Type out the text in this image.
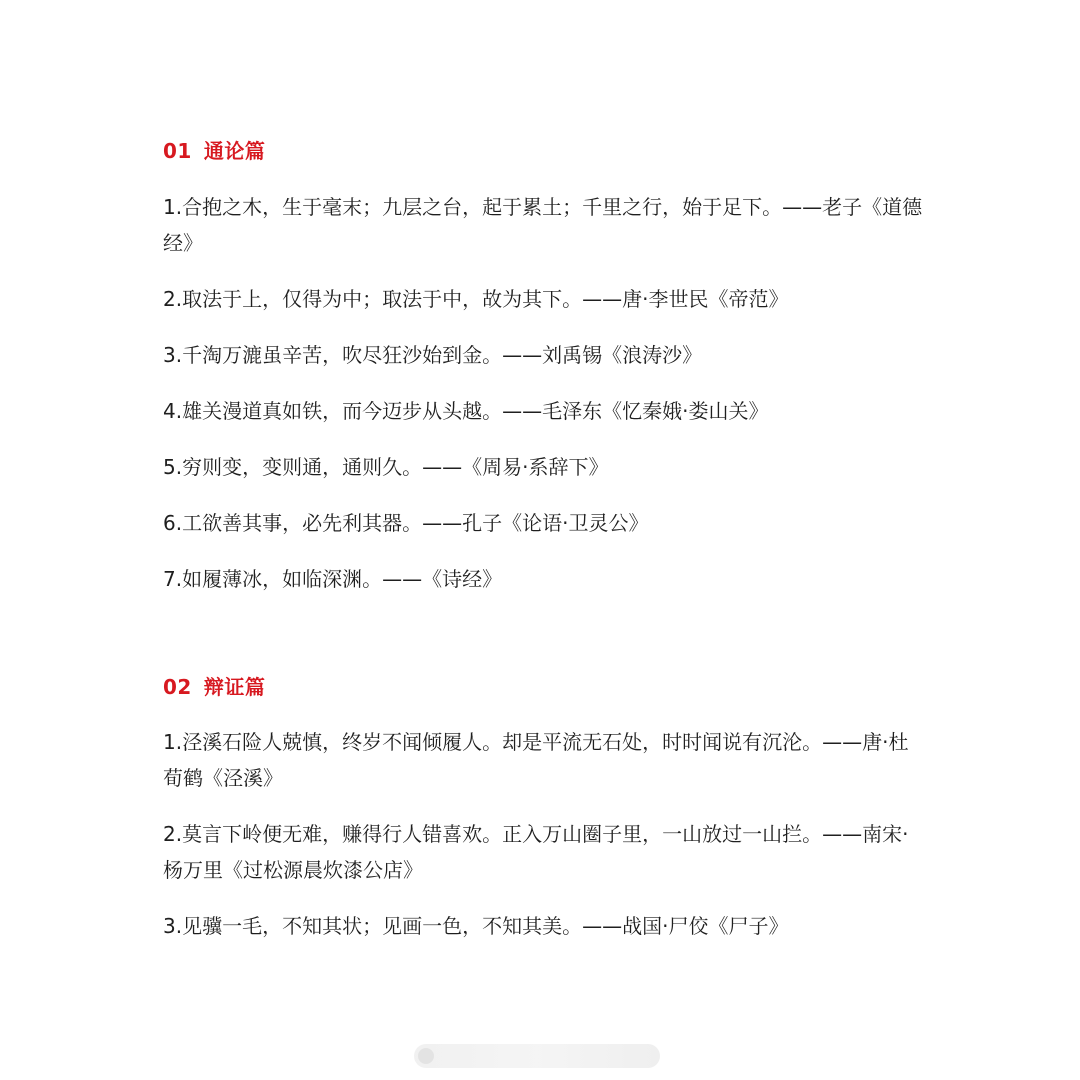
01 通论篇

1.合抱之木，生于毫末；九层之台，起于累土；千里之行，始于足下。——老子《道德经》

2.取法于上，仅得为中；取法于中，故为其下。——唐·李世民《帝范》

3.千淘万漉虽辛苦，吹尽狂沙始到金。——刘禹锡《浪涛沙》

4.雄关漫道真如铁，而今迈步从头越。——毛泽东《忆秦娥·娄山关》

5.穷则变，变则通，通则久。——《周易·系辞下》

6.工欲善其事，必先利其器。——孔子《论语·卫灵公》

7.如履薄冰，如临深渊。——《诗经》

02 辩证篇

1.泾溪石险人兢慎，终岁不闻倾履人。却是平流无石处，时时闻说有沉沦。——唐·杜荀鹤《泾溪》

2.莫言下岭便无难，赚得行人错喜欢。正入万山圈子里，一山放过一山拦。——南宋·杨万里《过松源晨炊漆公店》

3.见骥一毛，不知其状；见画一色，不知其美。——战国·尸佼《尸子》
